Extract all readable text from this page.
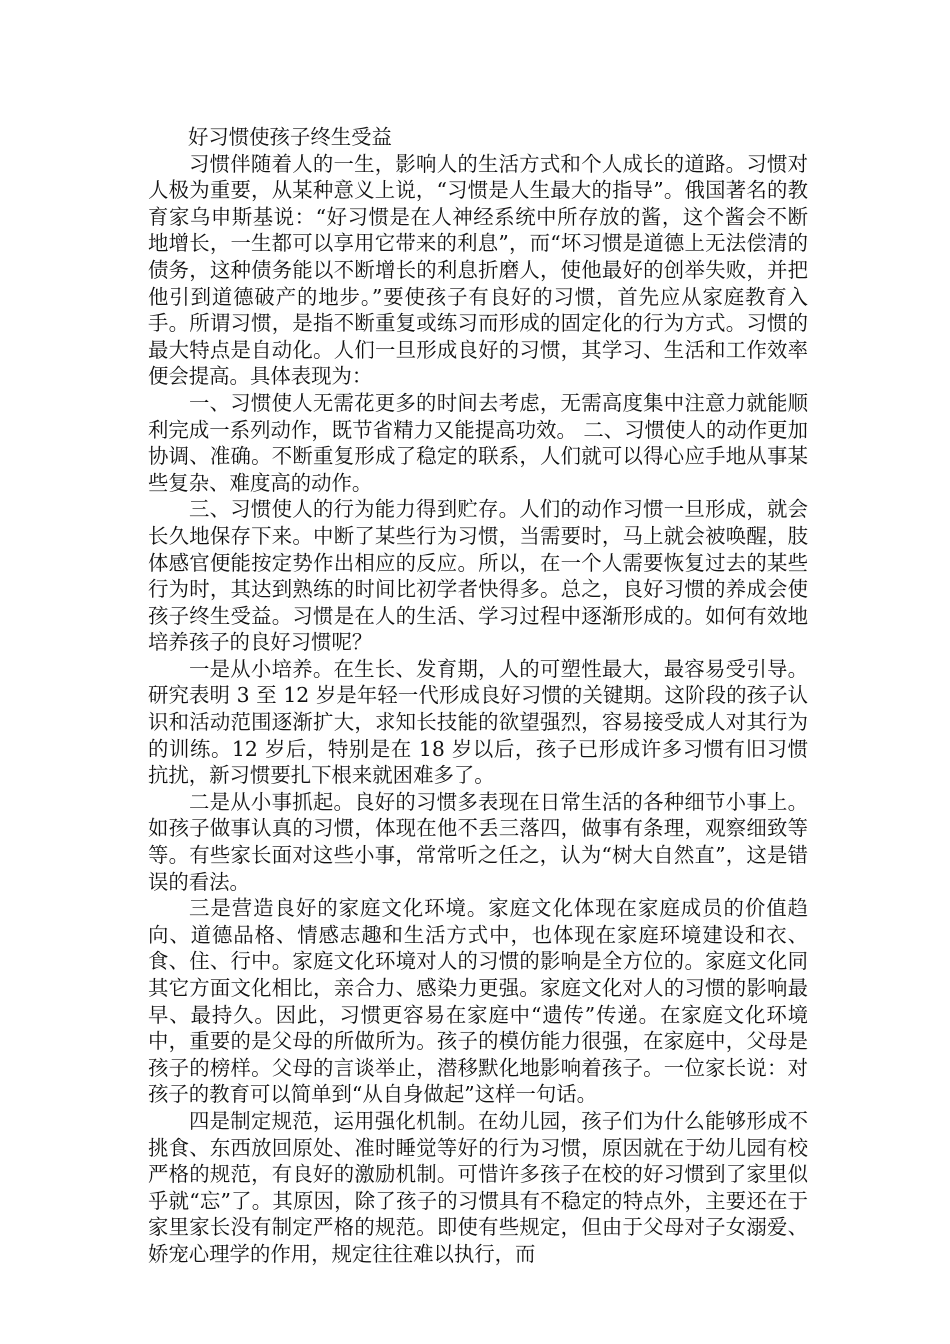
好习惯使孩子终生受益

习惯伴随着人的一生，影响人的生活方式和个人成长的道路。习惯对人极为重要，从某种意义上说，“习惯是人生最大的指导”。俄国著名的教育家乌申斯基说：“好习惯是在人神经系统中所存放的酱，这个酱会不断地增长，一生都可以享用它带来的利息”，而“坏习惯是道德上无法偿清的债务，这种债务能以不断增长的利息折磨人，使他最好的创举失败，并把他引到道德破产的地步。”要使孩子有良好的习惯，首先应从家庭教育入手。所谓习惯，是指不断重复或练习而形成的固定化的行为方式。习惯的最大特点是自动化。人们一旦形成良好的习惯，其学习、生活和工作效率便会提高。具体表现为：

一、习惯使人无需花更多的时间去考虑，无需高度集中注意力就能顺利完成一系列动作，既节省精力又能提高功效。 二、习惯使人的动作更加协调、准确。不断重复形成了稳定的联系，人们就可以得心应手地从事某些复杂、难度高的动作。

三、习惯使人的行为能力得到贮存。人们的动作习惯一旦形成，就会长久地保存下来。中断了某些行为习惯，当需要时，马上就会被唤醒，肢体感官便能按定势作出相应的反应。所以，在一个人需要恢复过去的某些行为时，其达到熟练的时间比初学者快得多。总之，良好习惯的养成会使孩子终生受益。习惯是在人的生活、学习过程中逐渐形成的。如何有效地培养孩子的良好习惯呢？

一是从小培养。在生长、发育期，人的可塑性最大，最容易受引导。研究表明 3 至 12 岁是年轻一代形成良好习惯的关键期。这阶段的孩子认识和活动范围逐渐扩大，求知长技能的欲望强烈，容易接受成人对其行为的训练。12 岁后，特别是在 18 岁以后，孩子已形成许多习惯有旧习惯抗扰，新习惯要扎下根来就困难多了。

二是从小事抓起。良好的习惯多表现在日常生活的各种细节小事上。如孩子做事认真的习惯，体现在他不丢三落四，做事有条理，观察细致等等。有些家长面对这些小事，常常听之任之，认为“树大自然直”，这是错误的看法。

三是营造良好的家庭文化环境。家庭文化体现在家庭成员的价值趋向、道德品格、情感志趣和生活方式中，也体现在家庭环境建设和衣、食、住、行中。家庭文化环境对人的习惯的影响是全方位的。家庭文化同其它方面文化相比，亲合力、感染力更强。家庭文化对人的习惯的影响最早、最持久。因此，习惯更容易在家庭中“遗传”传递。在家庭文化环境中，重要的是父母的所做所为。孩子的模仿能力很强，在家庭中，父母是孩子的榜样。父母的言谈举止，潜移默化地影响着孩子。一位家长说：对孩子的教育可以简单到“从自身做起”这样一句话。

四是制定规范，运用强化机制。在幼儿园，孩子们为什么能够形成不挑食、东西放回原处、准时睡觉等好的行为习惯，原因就在于幼儿园有校严格的规范，有良好的激励机制。可惜许多孩子在校的好习惯到了家里似乎就“忘”了。其原因，除了孩子的习惯具有不稳定的特点外，主要还在于家里家长没有制定严格的规范。即使有些规定，但由于父母对子女溺爱、娇宠心理学的作用，规定往往难以执行，而
